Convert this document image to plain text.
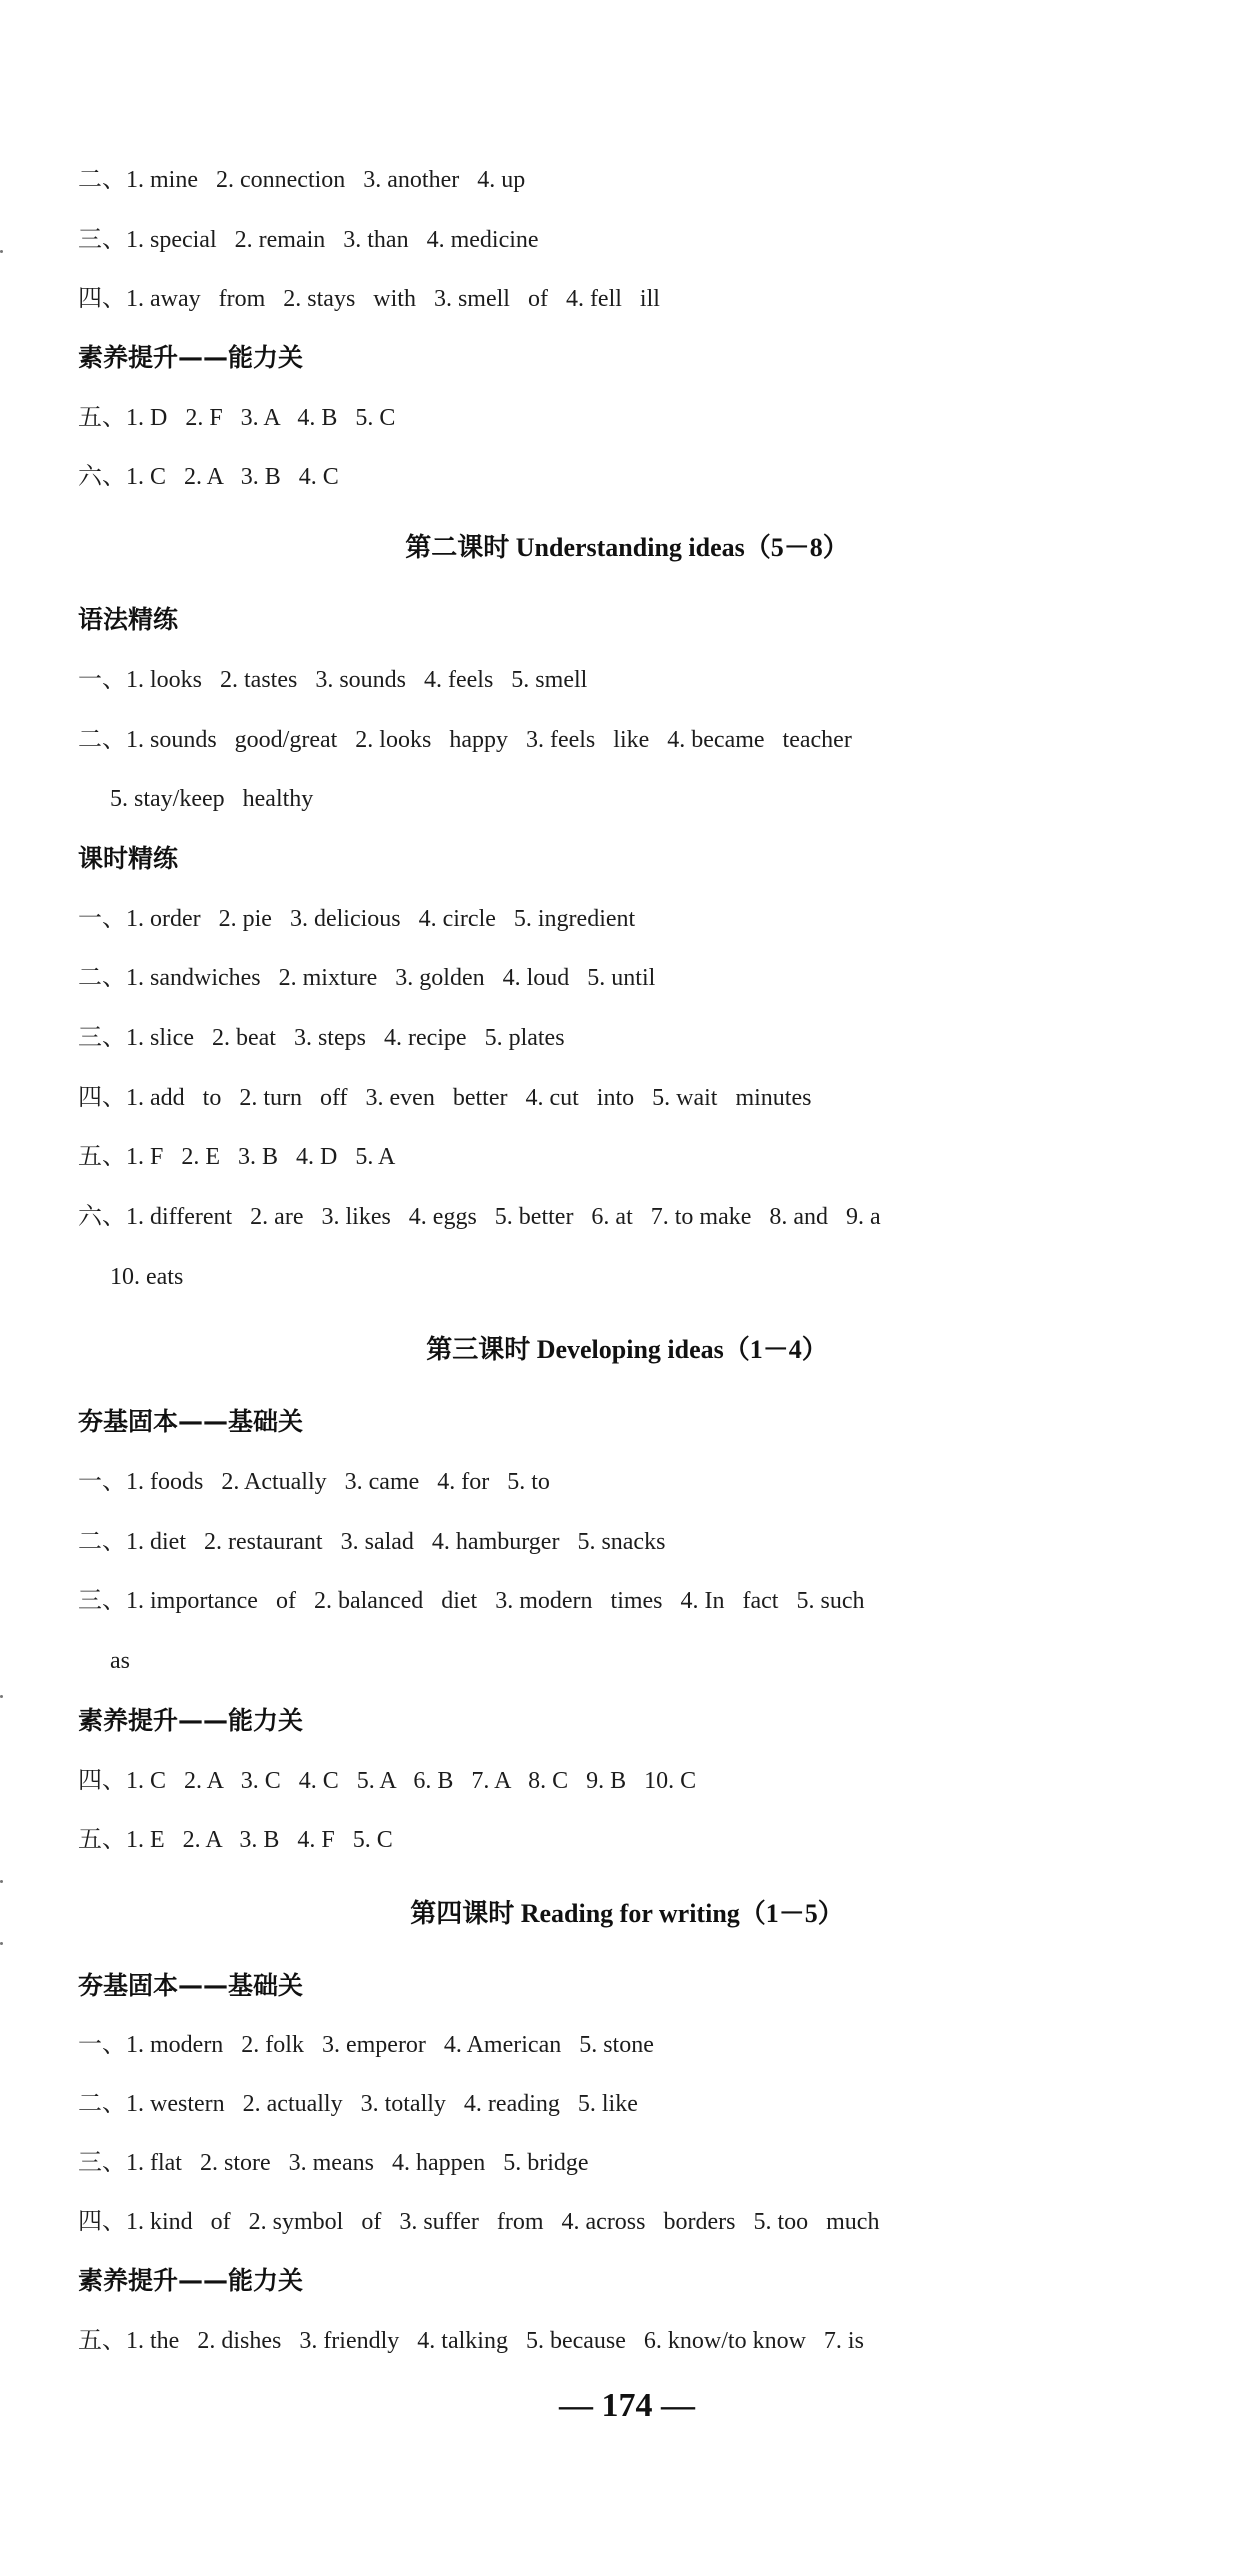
二、1. mine   2. connection   3. another   4. up
三、1. special   2. remain   3. than   4. medicine
四、1. away   from   2. stays   with   3. smell   of   4. fell   ill
素养提升——能力关
五、1. D   2. F   3. A   4. B   5. C
六、1. C   2. A   3. B   4. C
第二课时 Understanding ideas（5－8）
语法精练
一、1. looks   2. tastes   3. sounds   4. feels   5. smell
二、1. sounds   good/great   2. looks   happy   3. feels   like   4. became   teacher
5. stay/keep   healthy
课时精练
一、1. order   2. pie   3. delicious   4. circle   5. ingredient
二、1. sandwiches   2. mixture   3. golden   4. loud   5. until
三、1. slice   2. beat   3. steps   4. recipe   5. plates
四、1. add   to   2. turn   off   3. even   better   4. cut   into   5. wait   minutes
五、1. F   2. E   3. B   4. D   5. A
六、1. different   2. are   3. likes   4. eggs   5. better   6. at   7. to make   8. and   9. a
10. eats
第三课时 Developing ideas（1－4）
夯基固本——基础关
一、1. foods   2. Actually   3. came   4. for   5. to
二、1. diet   2. restaurant   3. salad   4. hamburger   5. snacks
三、1. importance   of   2. balanced   diet   3. modern   times   4. In   fact   5. such
as
素养提升——能力关
四、1. C   2. A   3. C   4. C   5. A   6. B   7. A   8. C   9. B   10. C
五、1. E   2. A   3. B   4. F   5. C
第四课时 Reading for writing（1－5）
夯基固本——基础关
一、1. modern   2. folk   3. emperor   4. American   5. stone
二、1. western   2. actually   3. totally   4. reading   5. like
三、1. flat   2. store   3. means   4. happen   5. bridge
四、1. kind   of   2. symbol   of   3. suffer   from   4. across   borders   5. too   much
素养提升——能力关
五、1. the   2. dishes   3. friendly   4. talking   5. because   6. know/to know   7. is
— 174 —
